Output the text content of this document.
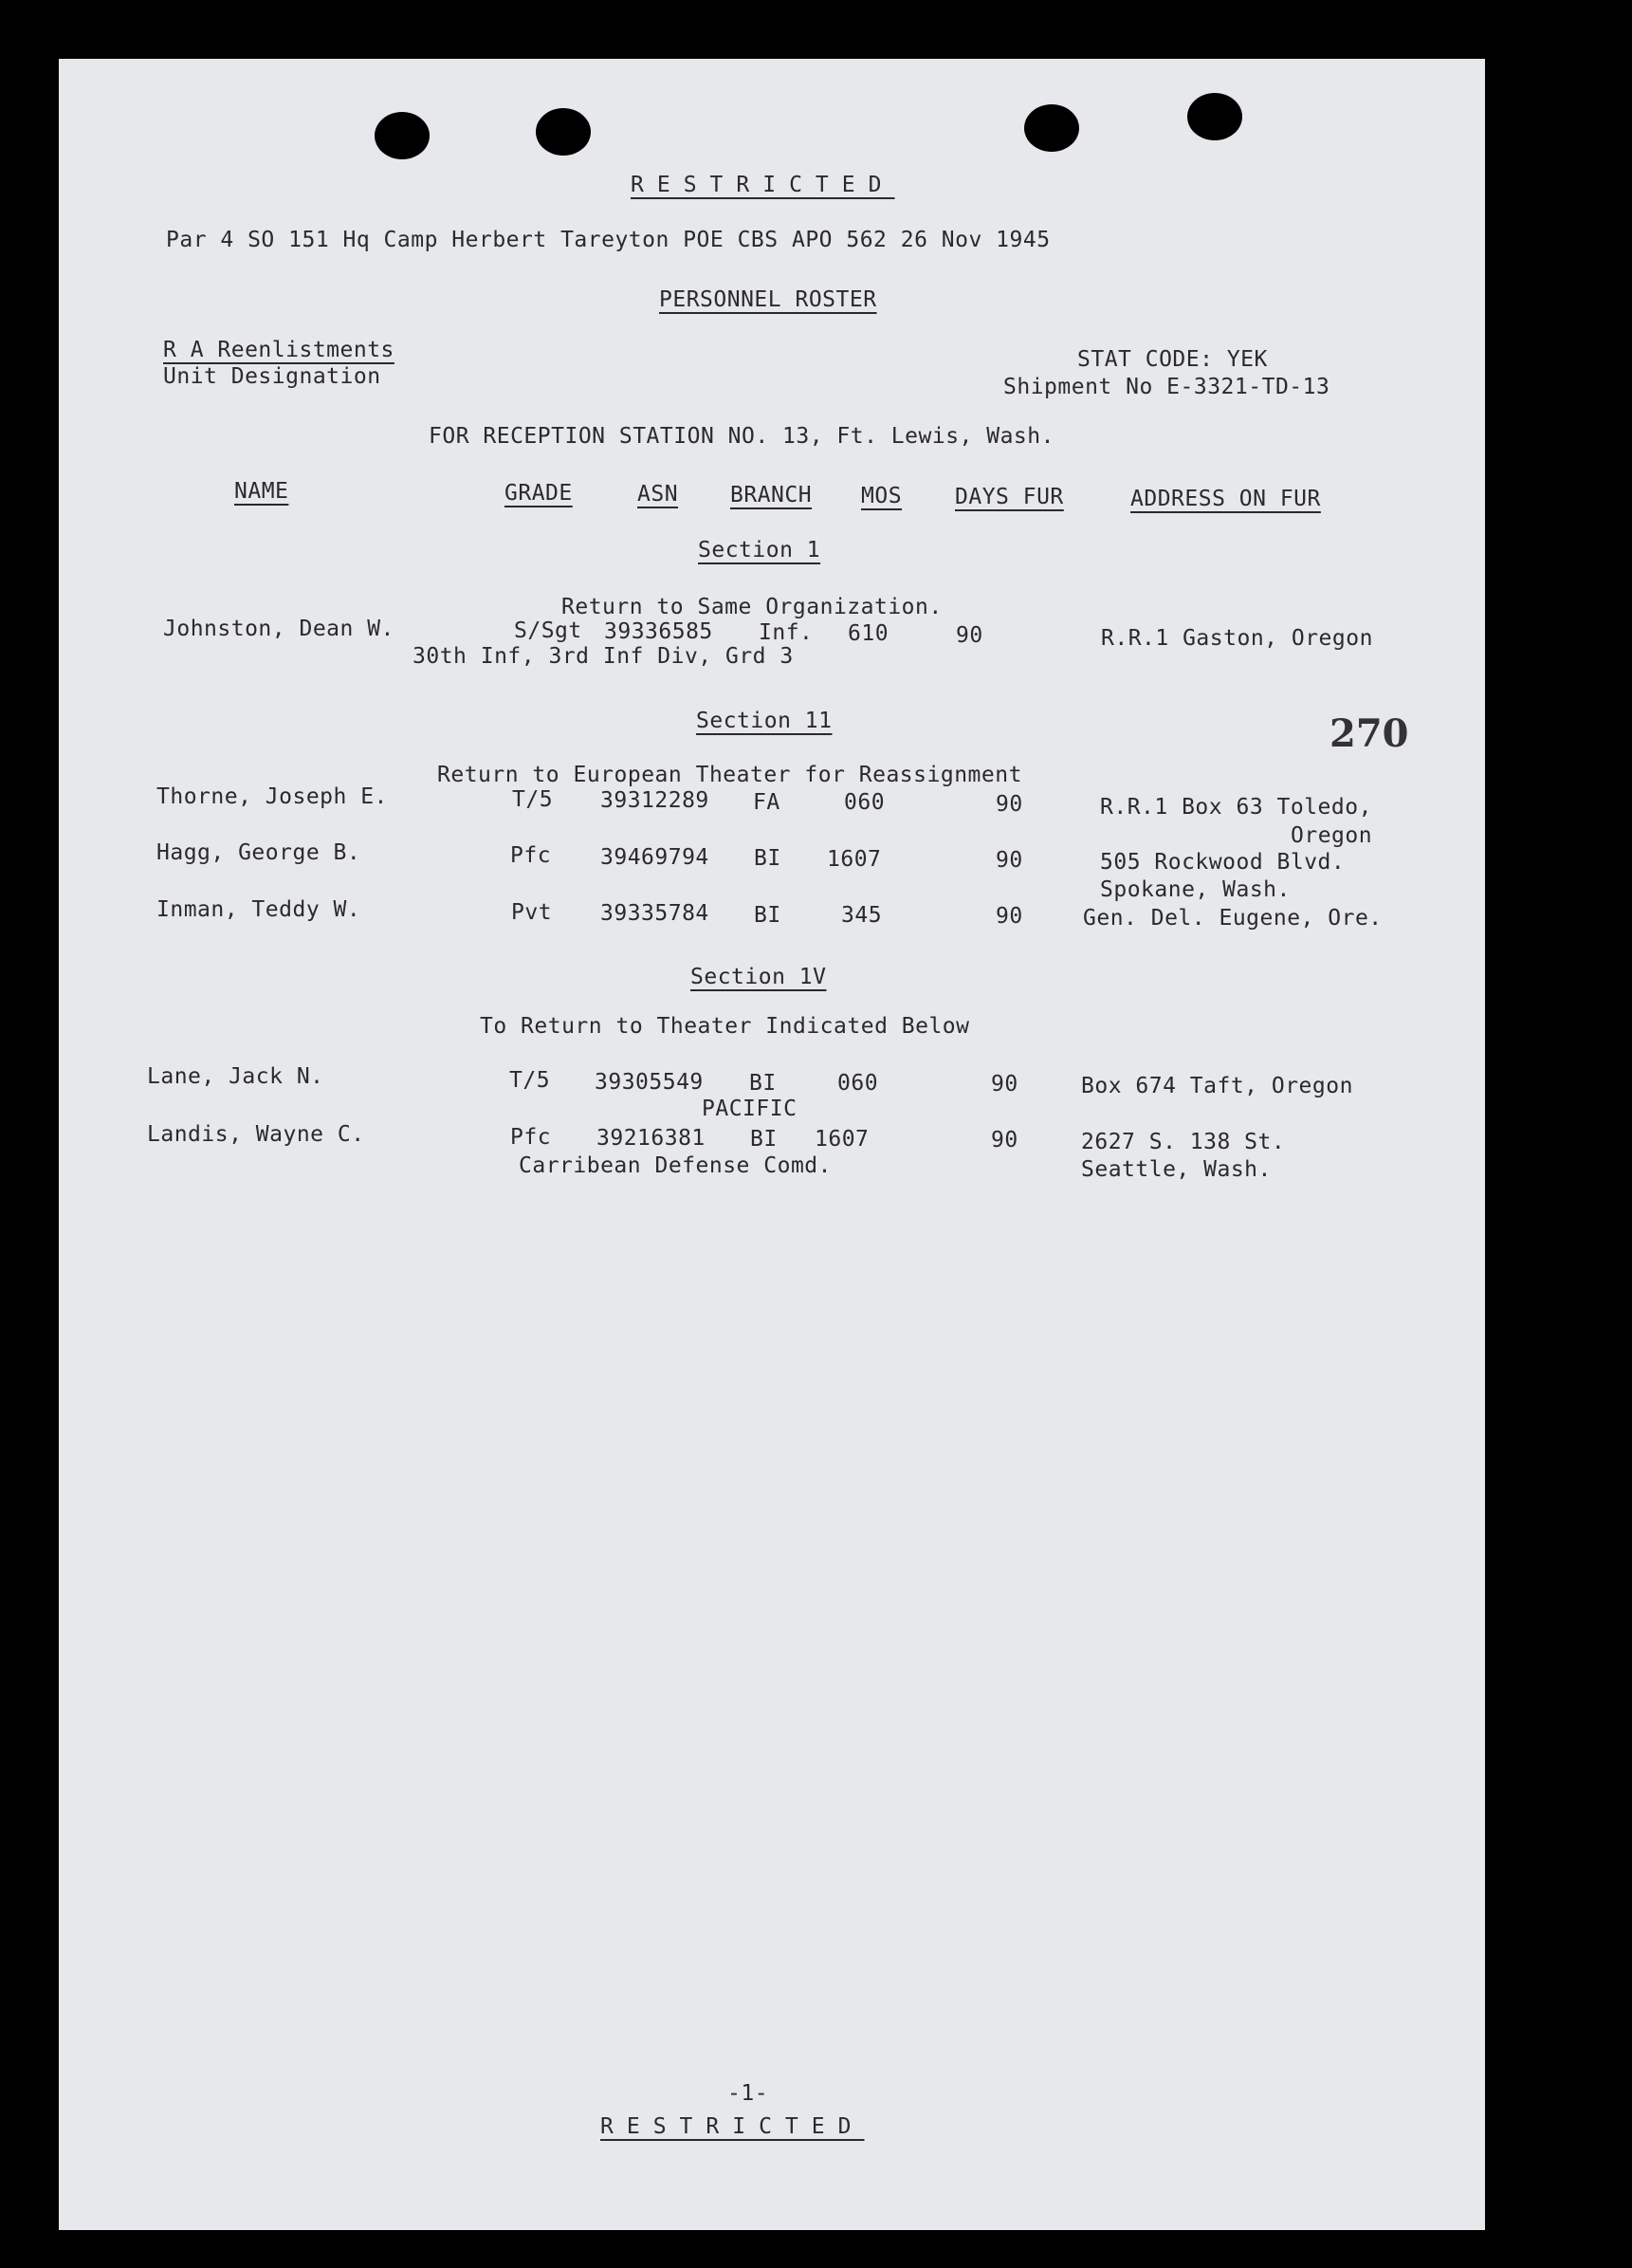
RESTRICTED
Par 4 SO 151 Hq Camp Herbert Tareyton POE CBS APO 562 26 Nov 1945
PERSONNEL ROSTER
R A Reenlistments
Unit Designation
STAT CODE: YEK
Shipment No E-3321-TD-13
FOR RECEPTION STATION NO. 13, Ft. Lewis, Wash.
NAME	GRADE	ASN BRANCH MOS DAYS FUR	ADDRESS ON FUR
Section 1
Return to Same Organization.
Johnston, Dean W.	S/Sgt 39336585 Inf. 610	90	R.R.1 Gaston, Oregon
30th Inf, 3rd Inf Div, Grd 3
Section 11	270
Return to European Theater for Reassignment
Thorne, Joseph E.	T/5 39312289 FA	060	90	R.R.1 Box 63 Toledo,
Oregon
Hagg, George B.	Pfc 39469794 BI 1607	90	505 Rockwood Blvd.
Spokane, Wash.
Inman, Teddy W.	Pvt 39335784 BI	345	90	Gen. Del. Eugene, Ore.
Section 1V
To Return to Theater Indicated Below
Lane, Jack N.	T/5 39305549 BI	060	90	Box 674 Taft, Oregon
PACIFIC
Landis, Wayne C.	Pfc 39216381 BI 1607	90	2627 S. 138 St.
Seattle, Wash.
Carribean Defense Comd.
-1-
RESTRICTED
